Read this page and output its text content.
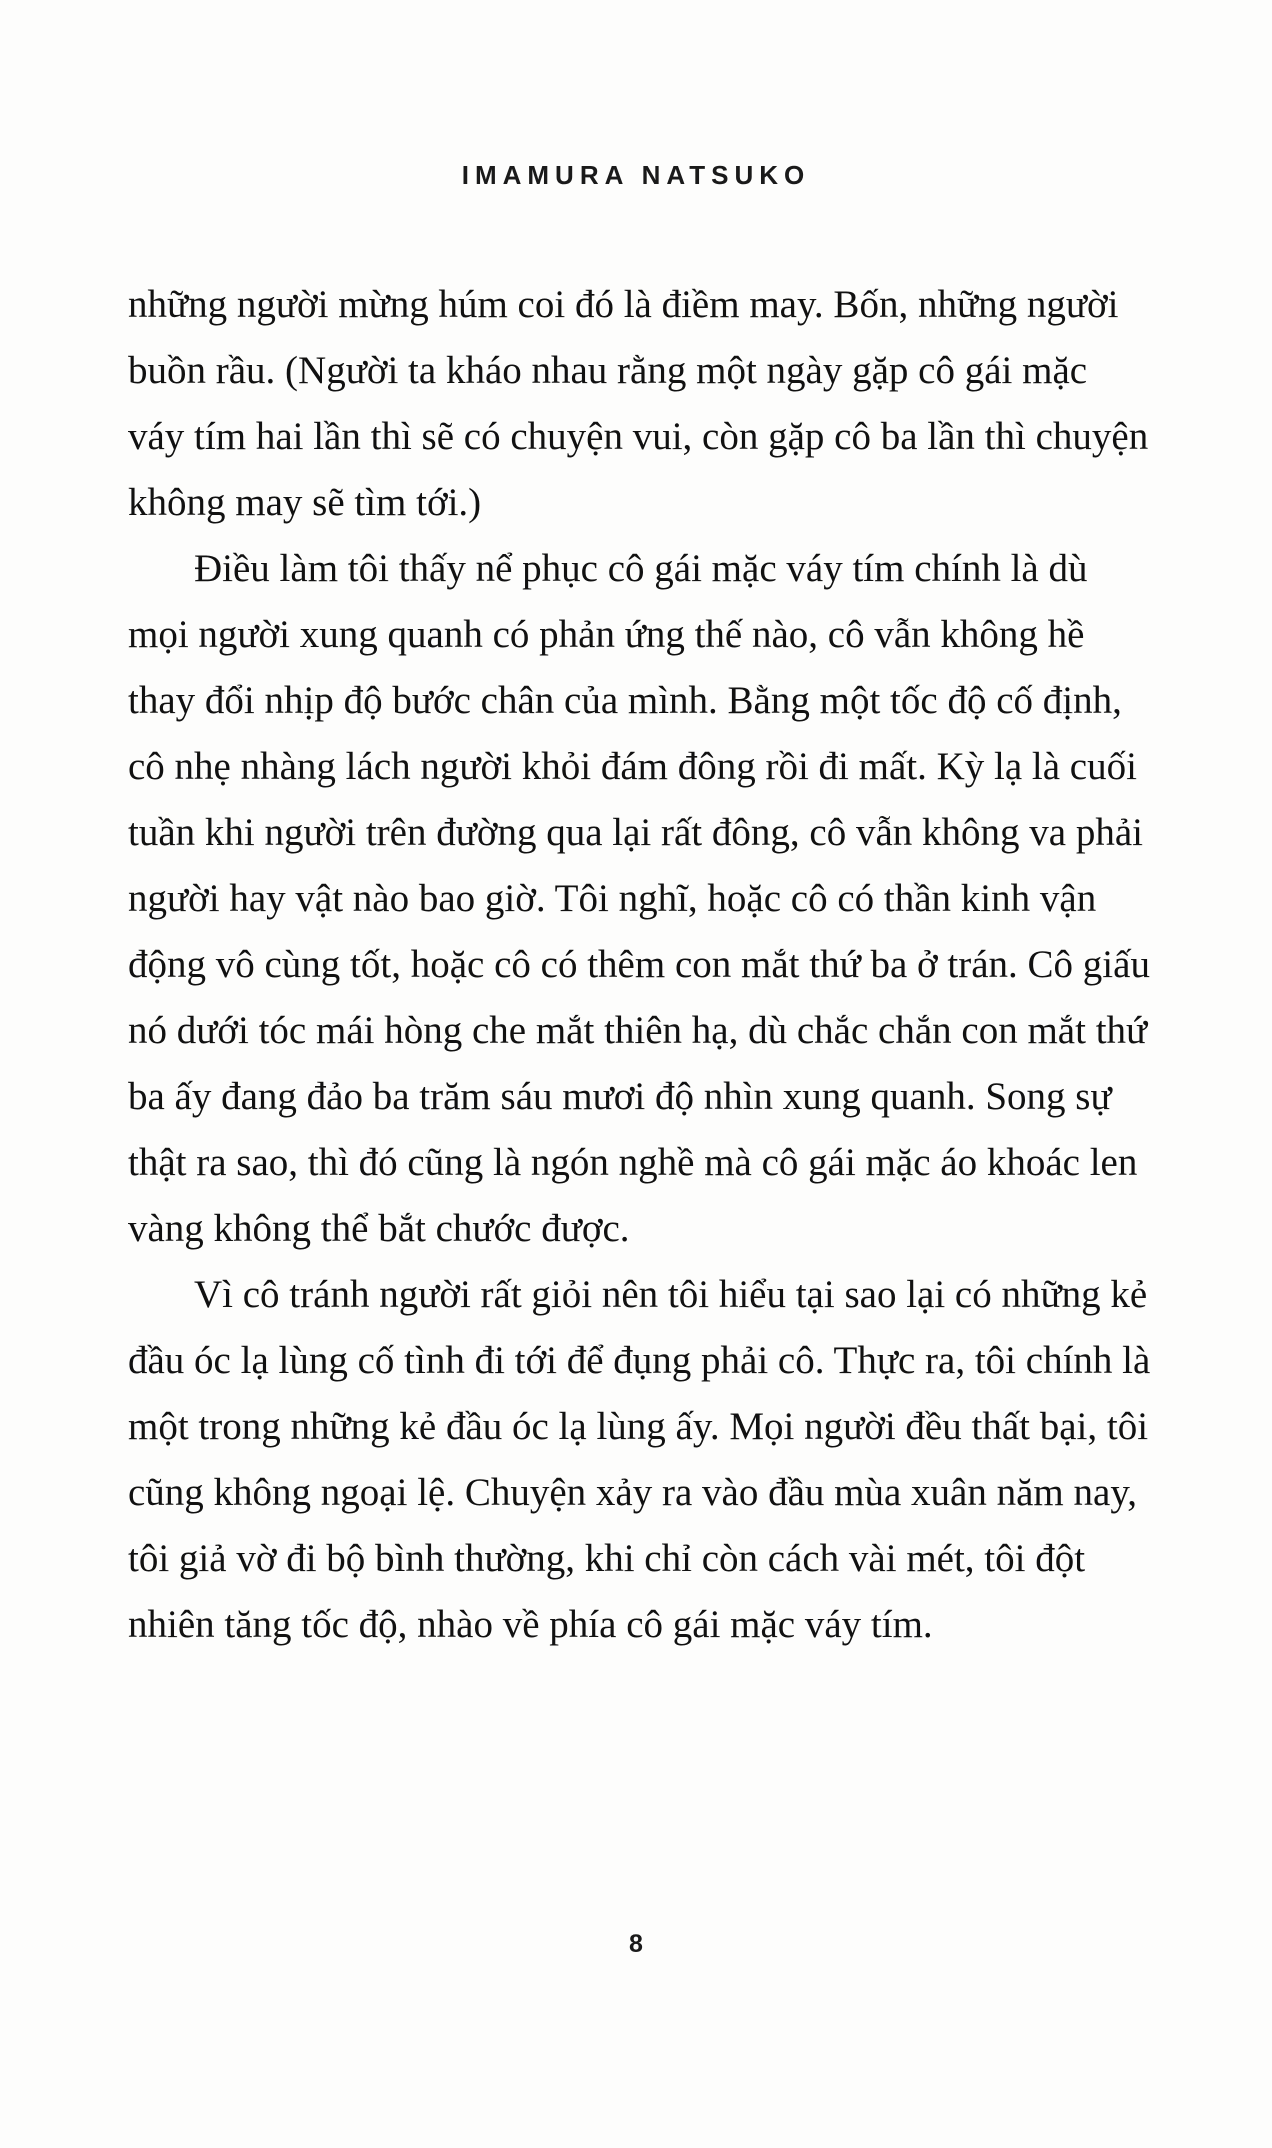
IMAMURA NATSUKO

những người mừng húm coi đó là điềm may. Bốn, những người buồn rầu. (Người ta kháo nhau rằng một ngày gặp cô gái mặc váy tím hai lần thì sẽ có chuyện vui, còn gặp cô ba lần thì chuyện không may sẽ tìm tới.)

Điều làm tôi thấy nể phục cô gái mặc váy tím chính là dù mọi người xung quanh có phản ứng thế nào, cô vẫn không hề thay đổi nhịp độ bước chân của mình. Bằng một tốc độ cố định, cô nhẹ nhàng lách người khỏi đám đông rồi đi mất. Kỳ lạ là cuối tuần khi người trên đường qua lại rất đông, cô vẫn không va phải người hay vật nào bao giờ. Tôi nghĩ, hoặc cô có thần kinh vận động vô cùng tốt, hoặc cô có thêm con mắt thứ ba ở trán. Cô giấu nó dưới tóc mái hòng che mắt thiên hạ, dù chắc chắn con mắt thứ ba ấy đang đảo ba trăm sáu mươi độ nhìn xung quanh. Song sự thật ra sao, thì đó cũng là ngón nghề mà cô gái mặc áo khoác len vàng không thể bắt chước được.

Vì cô tránh người rất giỏi nên tôi hiểu tại sao lại có những kẻ đầu óc lạ lùng cố tình đi tới để đụng phải cô. Thực ra, tôi chính là một trong những kẻ đầu óc lạ lùng ấy. Mọi người đều thất bại, tôi cũng không ngoại lệ. Chuyện xảy ra vào đầu mùa xuân năm nay, tôi giả vờ đi bộ bình thường, khi chỉ còn cách vài mét, tôi đột nhiên tăng tốc độ, nhào về phía cô gái mặc váy tím.

8
